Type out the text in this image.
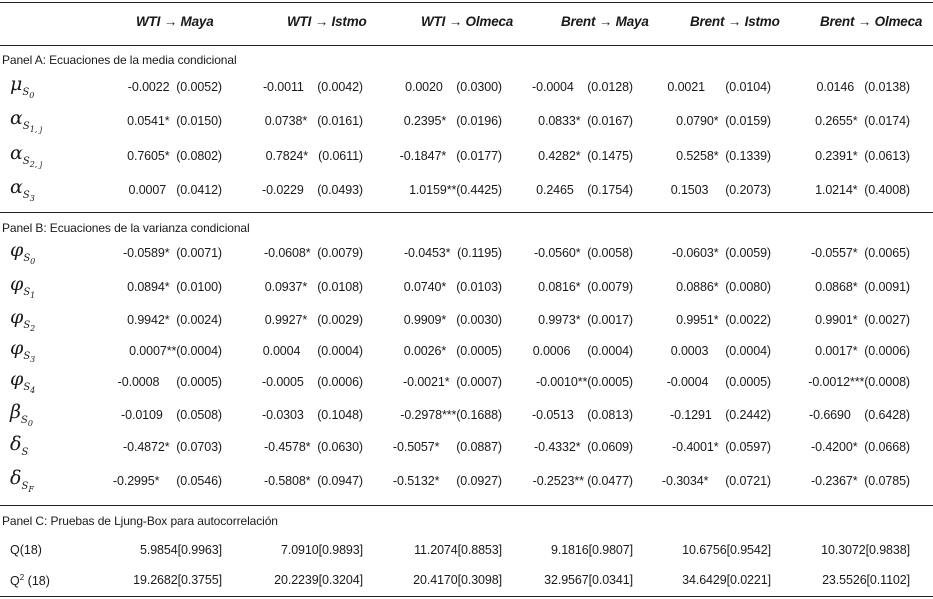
WTI → Maya	WTI → Istmo	WTI → Olmeca	Brent → Maya	Brent → Istmo	Brent → Olmeca
Panel A: Ecuaciones de la media condicional
Panel B: Ecuaciones de la varianza condicional
Panel C: Pruebas de Ljung-Box para autocorrelación
$\mu_{S_0}$
-0.0022  (0.0052)	-0.0011    (0.0042)	0.0020    (0.0300) -0.0004    (0.0128)	0.0021      (0.0104)	0.0146   (0.0138)
$\alpha_{S_{1, j}}$
0.0541*  (0.0150)	0.0738*   (0.0161)	0.2395*   (0.0196)	0.0833*  (0.0167)	0.0790*  (0.0159)	0.2655*  (0.0174)
$\alpha_{S_{2, j}}$
0.7605*  (0.0802)	0.7824*   (0.0611)	-0.1847*   (0.0177)	0.4282*  (0.1475)	0.5258*  (0.1339)	0.2391*  (0.0613)
$\alpha_{S_3}$
0.0007   (0.0412)	-0.0229    (0.0493)	1.0159**(0.4425)	0.2465    (0.1754)	0.1503     (0.2073)	1.0214*  (0.4008)
$\varphi_{S_0}$
-0.0589*  (0.0071)	-0.0608*  (0.0079)	-0.0453*  (0.1195)	-0.0560*  (0.0058)	-0.0603*  (0.0059)	-0.0557*  (0.0065)
$\varphi_{S_1}$
0.0894*  (0.0100)	0.0937*   (0.0108)	0.0740*   (0.0103)	0.0816*  (0.0079)	0.0886*  (0.0080)	0.0868*  (0.0091)
$\varphi_{S_2}$
0.9942*  (0.0024)	0.9927*   (0.0029)	0.9909*   (0.0030)	0.9973*  (0.0017)	0.9951*  (0.0022)	0.9901*  (0.0027)
$\varphi_{S_3}$
0.0007**(0.0004)	0.0004     (0.0004)	0.0026*   (0.0005) 0.0006     (0.0004)	0.0003     (0.0004)	0.0017*  (0.0006)
$\varphi_{S_4}$
-0.0008     (0.0005)	-0.0005    (0.0006)	-0.0021*  (0.0007)	-0.0010**(0.0005)	-0.0004     (0.0005)	-0.0012***(0.0008)
$\beta_{S_0}$
-0.0109    (0.0508)	-0.0303    (0.1048)	-0.2978***(0.1688) -0.0513    (0.0813)	-0.1291    (0.2442)	-0.6690    (0.6428)
$\delta_S$	-0.4872*  (0.0703)	-0.4578*  (0.0630) -0.5057*     (0.0887)	-0.4332*  (0.0609)	-0.4001*  (0.0597)	-0.4200*  (0.0668)
$\delta_{S_F}$
-0.2995*     (0.0546)	-0.5808*  (0.0947) -0.5132*     (0.0927) -0.2523** (0.0477) -0.3034*     (0.0721)	-0.2367*  (0.0785)
Q(18)	5.9854[0.9963]	7.0910[0.9893]	11.2074[0.8853]	9.1816[0.9807]	10.6756[0.9542]	10.3072[0.9838]
$Q^2$ (18)	19.2682[0.3755]	20.2239[0.3204]	20.4170[0.3098]	32.9567[0.0341]	34.6429[0.0221]	23.5526[0.1102]
